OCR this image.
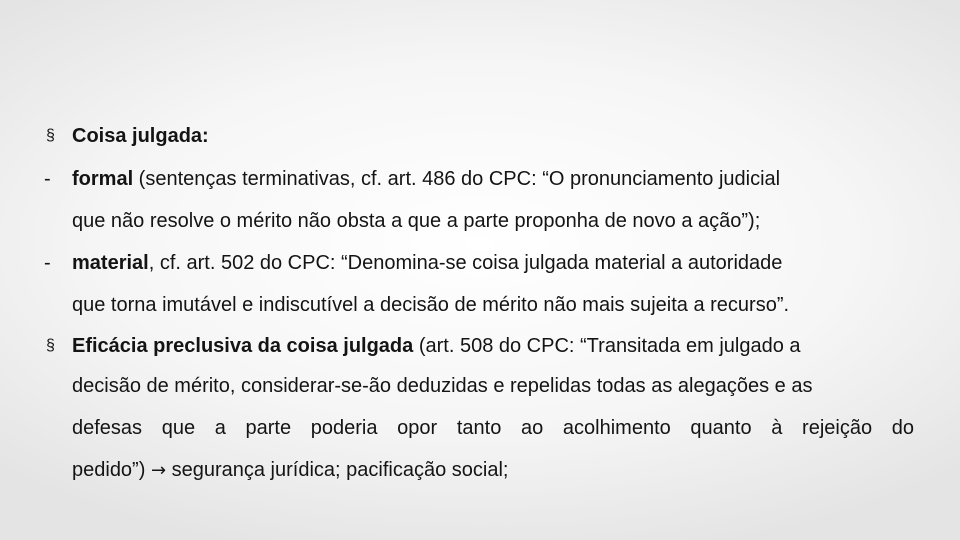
§ Coisa julgada:
- formal (sentenças terminativas, cf. art. 486 do CPC: “O pronunciamento judicial
que não resolve o mérito não obsta a que a parte proponha de novo a ação”);
- material, cf. art. 502 do CPC: “Denomina-se coisa julgada material a autoridade
que torna imutável e indiscutível a decisão de mérito não mais sujeita a recurso”.
§ Eficácia preclusiva da coisa julgada (art. 508 do CPC: “Transitada em julgado a
decisão de mérito, considerar-se-ão deduzidas e repelidas todas as alegações e as
defesas que a parte poderia opor tanto ao acolhimento quanto à rejeição do
pedido”) → segurança jurídica; pacificação social;
